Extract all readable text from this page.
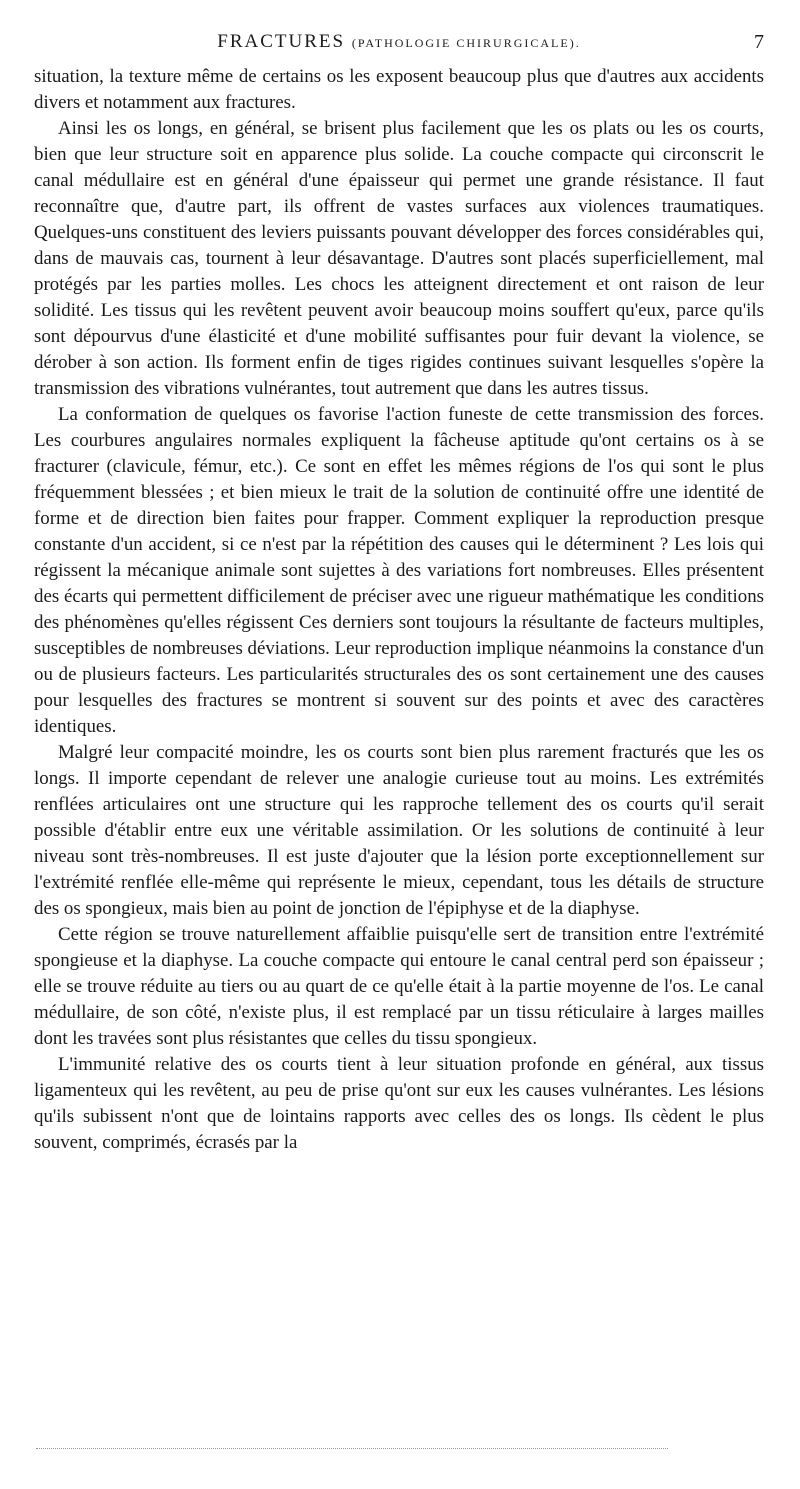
FRACTURES (PATHOLOGIE CHIRURGICALE).	7

situation, la texture même de certains os les exposent beaucoup plus que d'autres aux accidents divers et notamment aux fractures.

Ainsi les os longs, en général, se brisent plus facilement que les os plats ou les os courts, bien que leur structure soit en apparence plus solide. La couche compacte qui circonscrit le canal médullaire est en général d'une épaisseur qui permet une grande résistance. Il faut reconnaître que, d'autre part, ils offrent de vastes surfaces aux violences traumatiques. Quelques-uns constituent des leviers puissants pouvant développer des forces considérables qui, dans de mauvais cas, tournent à leur désavantage. D'autres sont placés superficiellement, mal protégés par les parties molles. Les chocs les atteignent directement et ont raison de leur solidité. Les tissus qui les revêtent peuvent avoir beaucoup moins souffert qu'eux, parce qu'ils sont dépourvus d'une élasticité et d'une mobilité suffisantes pour fuir devant la violence, se dérober à son action. Ils forment enfin de tiges rigides continues suivant lesquelles s'opère la transmission des vibrations vulnérantes, tout autrement que dans les autres tissus.

La conformation de quelques os favorise l'action funeste de cette transmission des forces. Les courbures angulaires normales expliquent la fâcheuse aptitude qu'ont certains os à se fracturer (clavicule, fémur, etc.). Ce sont en effet les mêmes régions de l'os qui sont le plus fréquemment blessées ; et bien mieux le trait de la solution de continuité offre une identité de forme et de direction bien faites pour frapper. Comment expliquer la reproduction presque constante d'un accident, si ce n'est par la répétition des causes qui le déterminent ? Les lois qui régissent la mécanique animale sont sujettes à des variations fort nombreuses. Elles présentent des écarts qui permettent difficilement de préciser avec une rigueur mathématique les conditions des phénomènes qu'elles régissent Ces derniers sont toujours la résultante de facteurs multiples, susceptibles de nombreuses déviations. Leur reproduction implique néanmoins la constance d'un ou de plusieurs facteurs. Les particularités structurales des os sont certainement une des causes pour lesquelles des fractures se montrent si souvent sur des points et avec des caractères identiques.

Malgré leur compacité moindre, les os courts sont bien plus rarement fracturés que les os longs. Il importe cependant de relever une analogie curieuse tout au moins. Les extrémités renflées articulaires ont une structure qui les rapproche tellement des os courts qu'il serait possible d'établir entre eux une véritable assimilation. Or les solutions de continuité à leur niveau sont très-nombreuses. Il est juste d'ajouter que la lésion porte exceptionnellement sur l'extrémité renflée elle-même qui représente le mieux, cependant, tous les détails de structure des os spongieux, mais bien au point de jonction de l'épiphyse et de la diaphyse.

Cette région se trouve naturellement affaiblie puisqu'elle sert de transition entre l'extrémité spongieuse et la diaphyse. La couche compacte qui entoure le canal central perd son épaisseur ; elle se trouve réduite au tiers ou au quart de ce qu'elle était à la partie moyenne de l'os. Le canal médullaire, de son côté, n'existe plus, il est remplacé par un tissu réticulaire à larges mailles dont les travées sont plus résistantes que celles du tissu spongieux.

L'immunité relative des os courts tient à leur situation profonde en général, aux tissus ligamenteux qui les revêtent, au peu de prise qu'ont sur eux les causes vulnérantes. Les lésions qu'ils subissent n'ont que de lointains rapports avec celles des os longs. Ils cèdent le plus souvent, comprimés, écrasés par la
